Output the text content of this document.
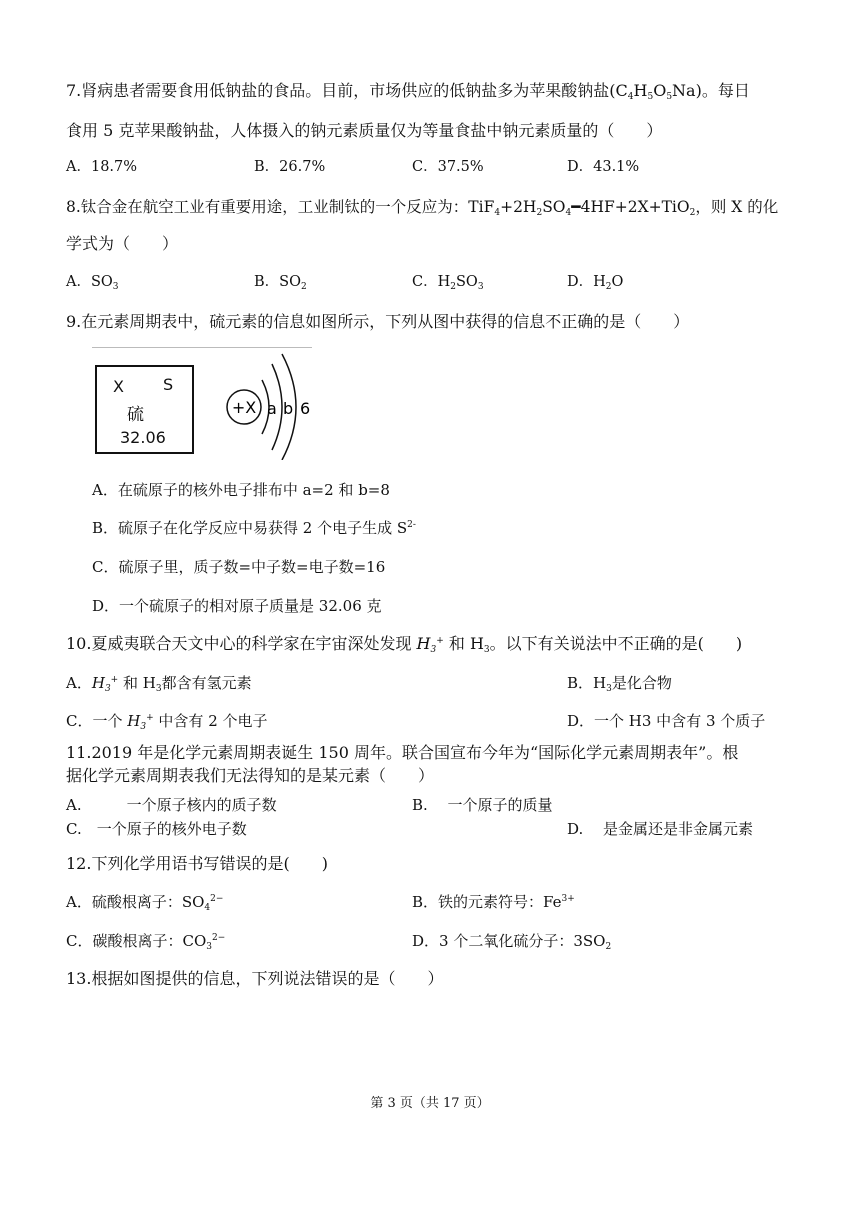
7.肾病患者需要食用低钠盐的食品。目前，市场供应的低钠盐多为苹果酸钠盐$(C_4H_5O_5Na)$。每日
食用 5 克苹果酸钠盐，人体摄入的钠元素质量仅为等量食盐中钠元素质量的（　　）
A．18.7%	B．26.7%	C．37.5%	D．43.1%
8.钛合金在航空工业有重要用途，工业制钛的一个反应为：$TiF_4+2H_2SO_4━4HF+2X+TiO_2$，则 X 的化
学式为（　　）
A．$SO_3$	B．$SO_2$	C．$H_2SO_3$	D．$H_2O$
9.在元素周期表中，硫元素的信息如图所示，下列从图中获得的信息不正确的是（　　）
X S
硫
32.06
+X a b 6
A．在硫原子的核外电子排布中 a=2 和 b=8
B．硫原子在化学反应中易获得 2 个电子生成 $S^{2-}$
C．硫原子里，质子数=中子数=电子数=16
D．一个硫原子的相对原子质量是 32.06 克
10.夏威夷联合天文中心的科学家在宇宙深处发现 $H_3^+$ 和 $H_3$。以下有关说法中不正确的是(　　)
A．$H_3^+$ 和 $H_3$都含有氢元素	B．$H_3$是化合物
C．一个 $H_3^+$ 中含有 2 个电子	D．一个 H3 中含有 3 个质子
11.2019 年是化学元素周期表诞生 150 周年。联合国宣布今年为“国际化学元素周期表年”。根
据化学元素周期表我们无法得知的是某元素（　　）
A.　　　一个原子核内的质子数	B.　 一个原子的质量
C.　一个原子的核外电子数	D.　 是金属还是非金属元素
12.下列化学用语书写错误的是(　　)
A．硫酸根离子：$SO_4^{2-}$	B．铁的元素符号：$Fe^{3+}$
C．碳酸根离子：$CO_3^{2-}$	D．3 个二氧化硫分子：$3SO_2$
13.根据如图提供的信息，下列说法错误的是（　　）
第 3 页（共 17 页）
